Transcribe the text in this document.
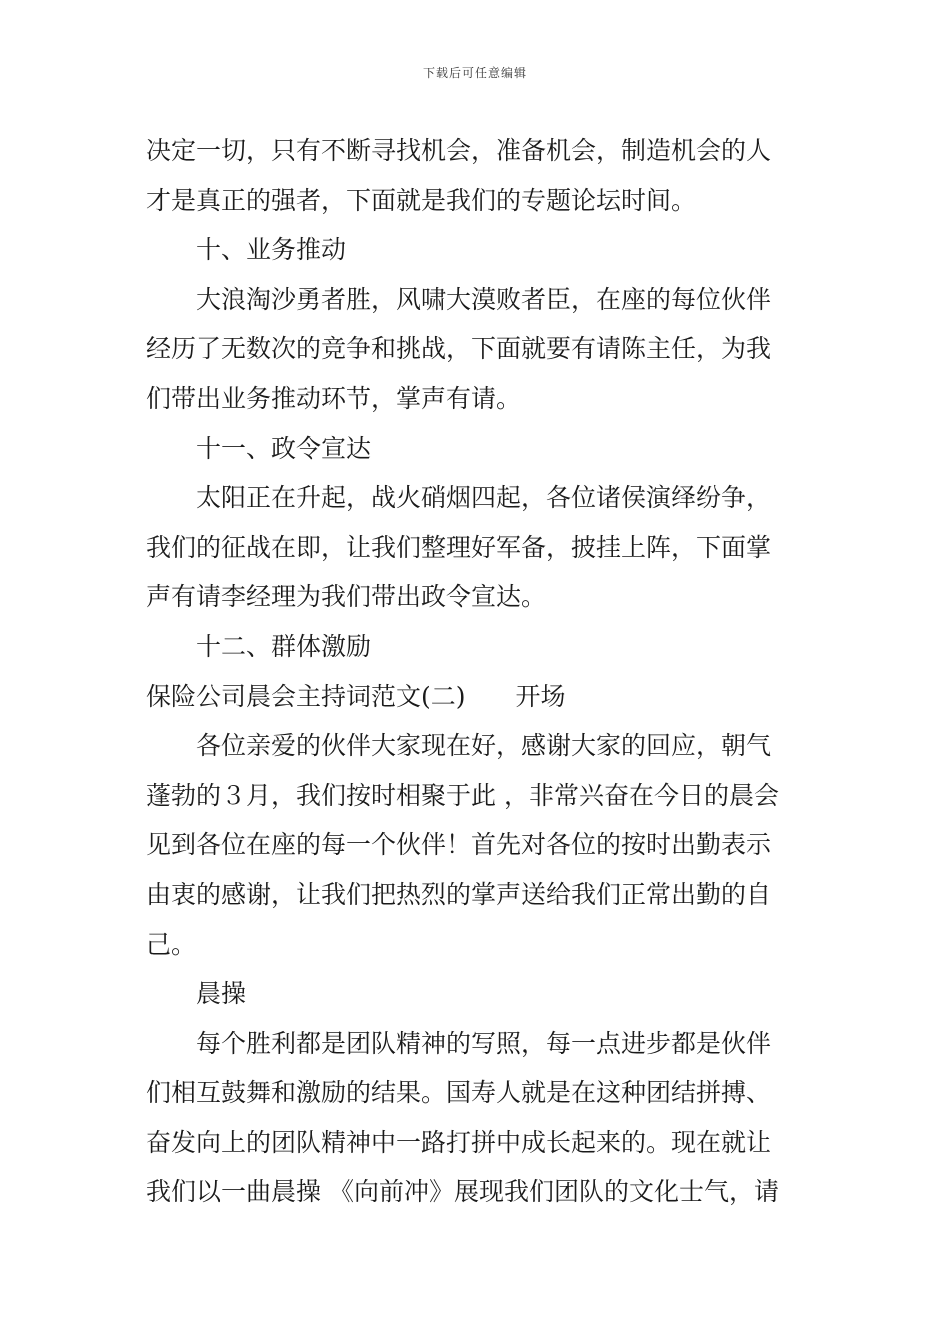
下载后可任意编辑
决定一切，只有不断寻找机会，准备机会，制造机会的人
才是真正的强者，下面就是我们的专题论坛时间。
十、业务推动
大浪淘沙勇者胜，风啸大漠败者臣，在座的每位伙伴
经历了无数次的竞争和挑战，下面就要有请陈主任，为我
们带出业务推动环节，掌声有请。
十一、政令宣达
太阳正在升起，战火硝烟四起，各位诸侯演绎纷争，
我们的征战在即，让我们整理好军备，披挂上阵，下面掌
声有请李经理为我们带出政令宣达。
十二、群体激励
保险公司晨会主持词范文(二)　　开场
各位亲爱的伙伴大家现在好，感谢大家的回应，朝气
蓬勃的３月，我们按时相聚于此 ，非常兴奋在今日的晨会
见到各位在座的每一个伙伴！首先对各位的按时出勤表示
由衷的感谢，让我们把热烈的掌声送给我们正常出勤的自
己。
晨操
每个胜利都是团队精神的写照，每一点进步都是伙伴
们相互鼓舞和激励的结果。国寿人就是在这种团结拼搏、
奋发向上的团队精神中一路打拼中成长起来的。现在就让
我们以一曲晨操 《向前冲》展现我们团队的文化士气，请
